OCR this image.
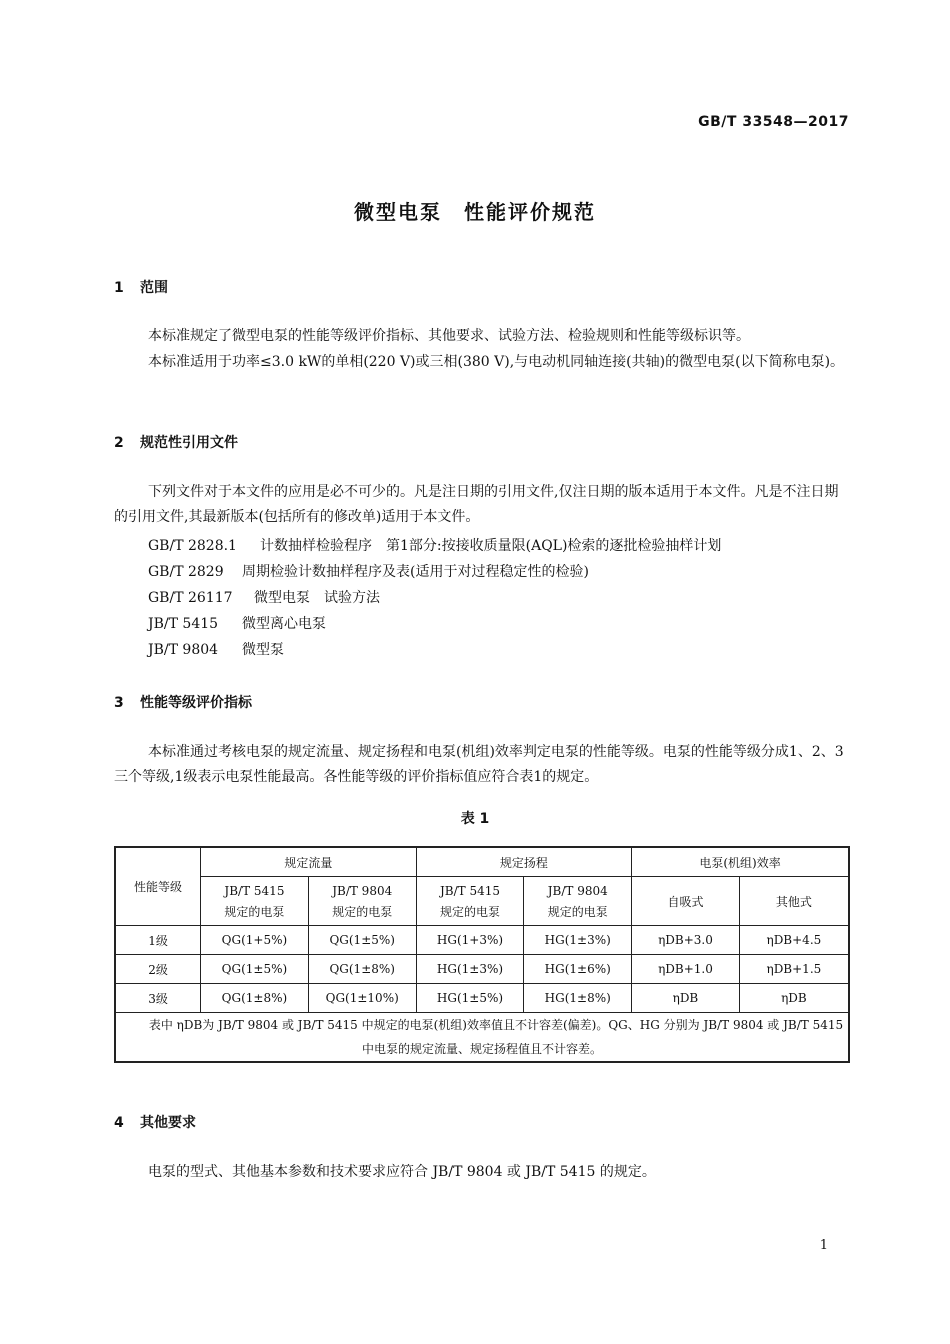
GB/T 33548—2017
微型电泵　性能评价规范
1 范围

本标准规定了微型电泵的性能等级评价指标、其他要求、试验方法、检验规则和性能等级标识等。

本标准适用于功率≤3.0 kW的单相(220 V)或三相(380 V),与电动机同轴连接(共轴)的微型电泵(以下简称电泵)。

2 规范性引用文件

下列文件对于本文件的应用是必不可少的。凡是注日期的引用文件,仅注日期的版本适用于本文件。凡是不注日期的引用文件,其最新版本(包括所有的修改单)适用于本文件。

GB/T 2828.1 计数抽样检验程序　第1部分:按接收质量限(AQL)检索的逐批检验抽样计划
GB/T 2829 周期检验计数抽样程序及表(适用于对过程稳定性的检验)
GB/T 26117 微型电泵　试验方法
JB/T 5415 微型离心电泵
JB/T 9804 微型泵
3 性能等级评价指标

本标准通过考核电泵的规定流量、规定扬程和电泵(机组)效率判定电泵的性能等级。电泵的性能等级分成1、2、3三个等级,1级表示电泵性能最高。各性能等级的评价指标值应符合表1的规定。

表 1
性能等级	规定流量		规定扬程		电泵(机组)效率	
	JB/T 5415	JB/T 9804	JB/T 5415	JB/T 9804	自吸式	其他式
	规定的电泵	规定的电泵	规定的电泵	规定的电泵		
1级	QG(1+5%)	QG(1±5%)	HG(1+3%)	HG(1±3%)	ηDB+3.0	ηDB+4.5
2级	QG(1±5%)	QG(1±8%)	HG(1±3%)	HG(1±6%)	ηDB+1.0	ηDB+1.5
3级	QG(1±8%)	QG(1±10%)	HG(1±5%)	HG(1±8%)	ηDB	ηDB
表中 ηDB为 JB/T 9804 或 JB/T 5415 中规定的电泵(机组)效率值且不计容差(偏差)。QG、HG 分别为 JB/T 9804 或 JB/T 5415 中电泵的规定流量、规定扬程值且不计容差。						
4 其他要求

电泵的型式、其他基本参数和技术要求应符合 JB/T 9804 或 JB/T 5415 的规定。

1
